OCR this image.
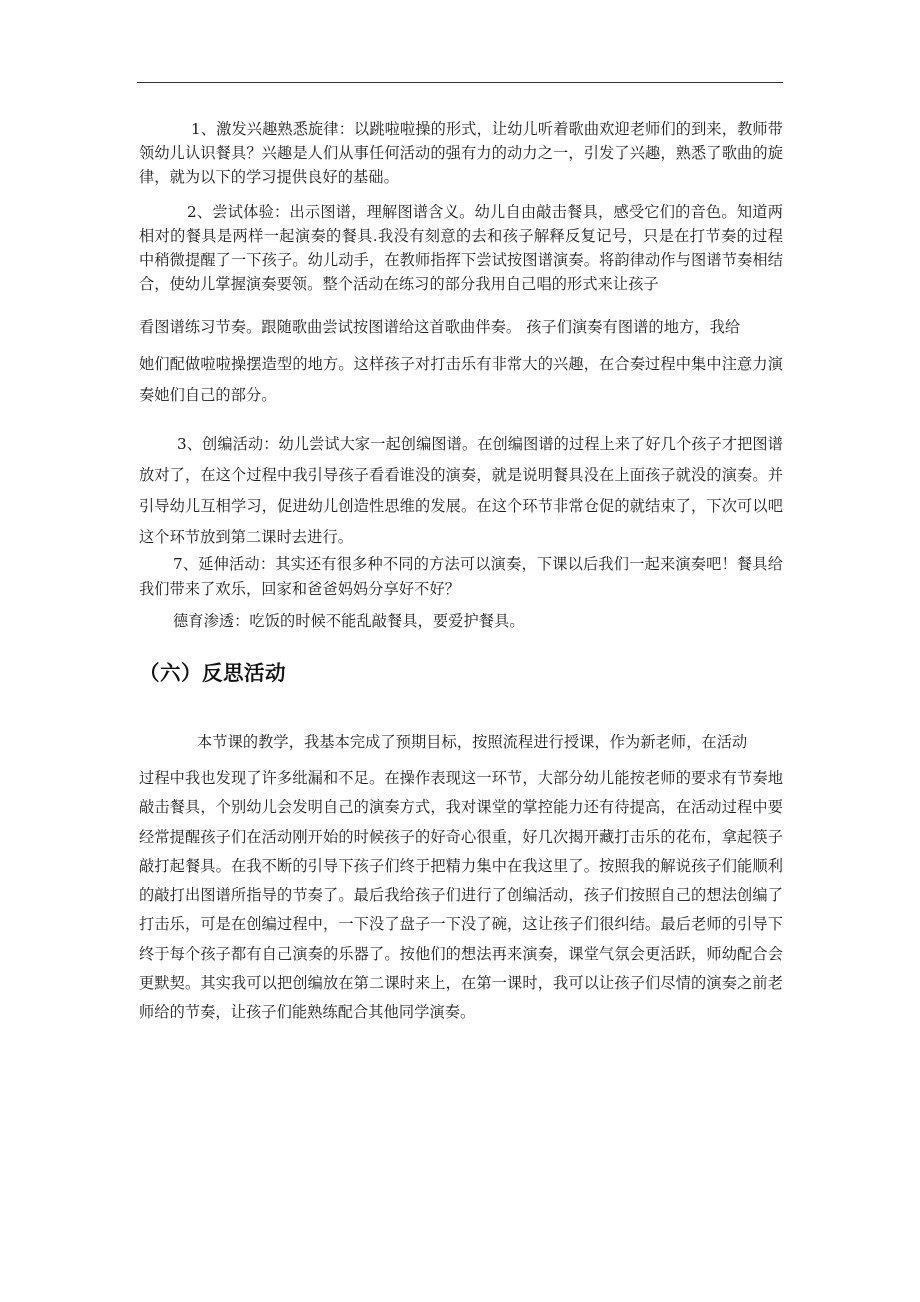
1、激发兴趣熟悉旋律：以跳啦啦操的形式，让幼儿听着歌曲欢迎老师们的到来，教师带领幼儿认识餐具？兴趣是人们从事任何活动的强有力的动力之一，引发了兴趣，熟悉了歌曲的旋律，就为以下的学习提供良好的基础。

2、尝试体验：出示图谱，理解图谱含义。幼儿自由敲击餐具，感受它们的音色。知道两相对的餐具是两样一起演奏的餐具.我没有刻意的去和孩子解释反复记号，只是在打节奏的过程中稍微提醒了一下孩子。幼儿动手，在教师指挥下尝试按图谱演奏。将韵律动作与图谱节奏相结合，使幼儿掌握演奏要领。整个活动在练习的部分我用自己唱的形式来让孩子

看图谱练习节奏。跟随歌曲尝试按图谱给这首歌曲伴奏。 孩子们演奏有图谱的地方，我给

她们配做啦啦操摆造型的地方。这样孩子对打击乐有非常大的兴趣，在合奏过程中集中注意力演奏她们自己的部分。

3、创编活动：幼儿尝试大家一起创编图谱。在创编图谱的过程上来了好几个孩子才把图谱放对了，在这个过程中我引导孩子看看谁没的演奏，就是说明餐具没在上面孩子就没的演奏。并引导幼儿互相学习，促进幼儿创造性思维的发展。在这个环节非常仓促的就结束了，下次可以吧这个环节放到第二课时去进行。

7、延伸活动：其实还有很多种不同的方法可以演奏，下课以后我们一起来演奏吧！餐具给我们带来了欢乐，回家和爸爸妈妈分享好不好？

德育渗透：吃饭的时候不能乱敲餐具，要爱护餐具。

（六）反思活动

本节课的教学，我基本完成了预期目标，按照流程进行授课，作为新老师，在活动

过程中我也发现了许多纰漏和不足。在操作表现这一环节，大部分幼儿能按老师的要求有节奏地敲击餐具，个别幼儿会发明自己的演奏方式，我对课堂的掌控能力还有待提高，在活动过程中要经常提醒孩子们在活动刚开始的时候孩子的好奇心很重，好几次揭开藏打击乐的花布，拿起筷子敲打起餐具。在我不断的引导下孩子们终于把精力集中在我这里了。按照我的解说孩子们能顺利的敲打出图谱所指导的节奏了。最后我给孩子们进行了创编活动，孩子们按照自己的想法创编了打击乐，可是在创编过程中，一下没了盘子一下没了碗，这让孩子们很纠结。最后老师的引导下终于每个孩子都有自己演奏的乐器了。按他们的想法再来演奏，课堂气氛会更活跃，师幼配合会更默契。其实我可以把创编放在第二课时来上，在第一课时，我可以让孩子们尽情的演奏之前老师给的节奏，让孩子们能熟练配合其他同学演奏。
